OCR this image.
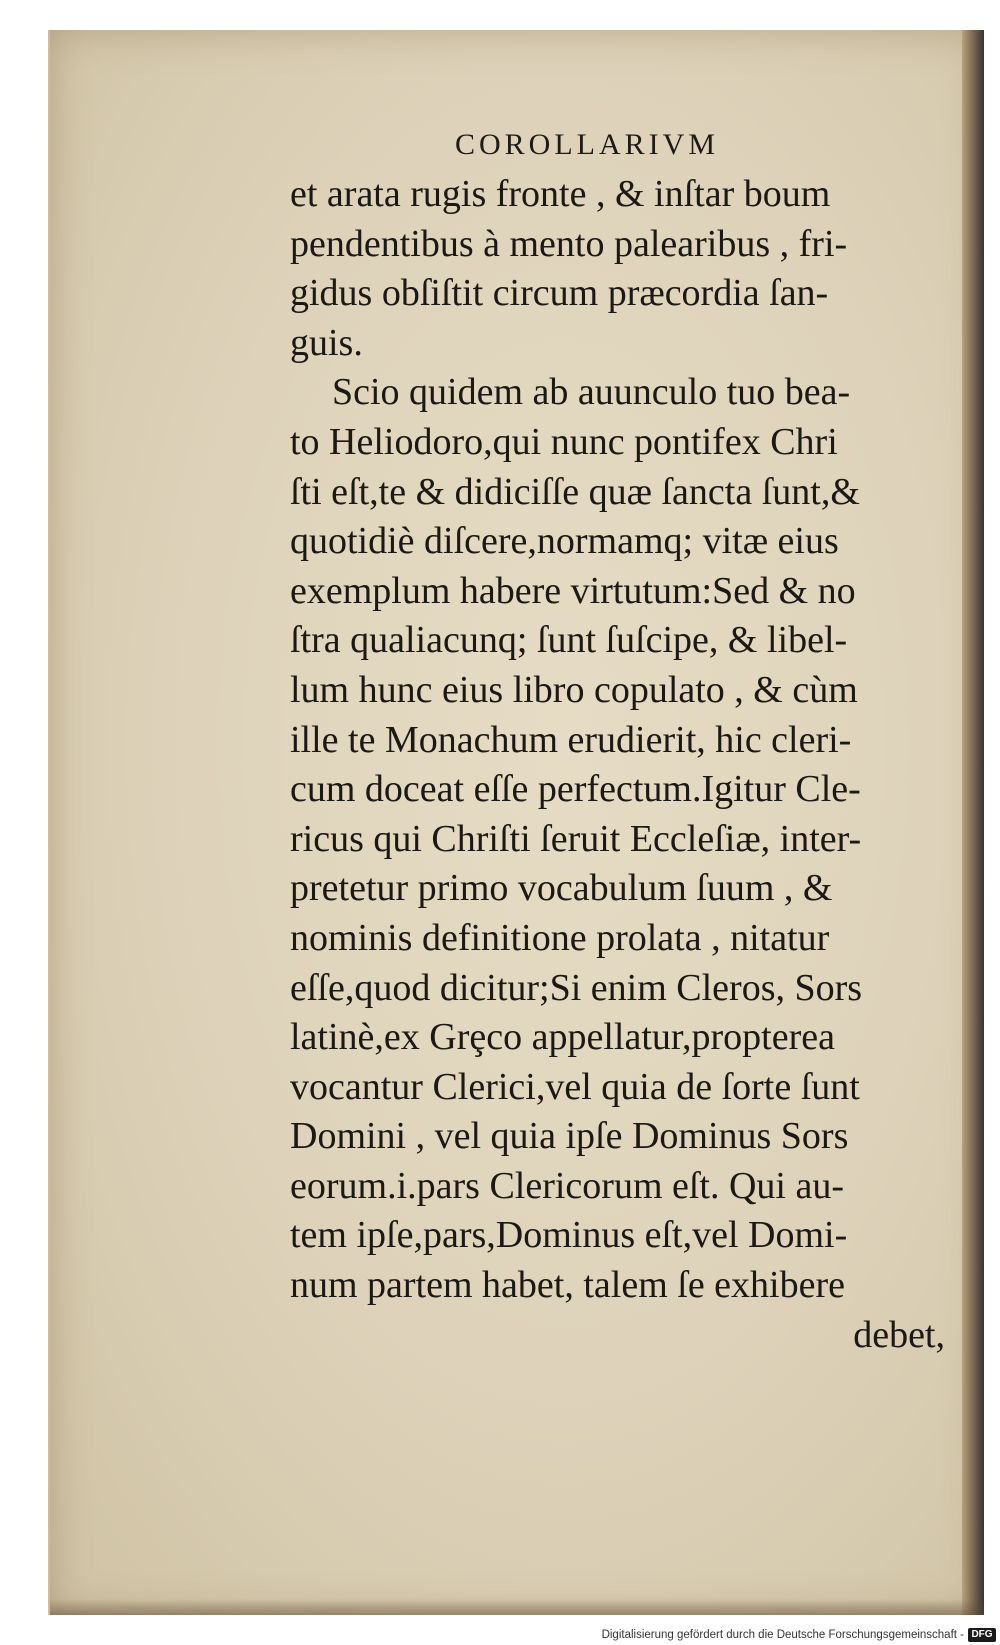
COROLLARIVM
et arata rugis fronte , & inſtar boum
pendentibus à mento palearibus , fri-
gidus obſiſtit circum præcordia ſan-
guis.
Scio quidem ab auunculo tuo bea-
to Heliodoro,qui nunc pontifex Chri
ſti eſt,te & didiciſſe quæ ſancta ſunt,&
quotidiè diſcere,normamq; vitæ eius
exemplum habere virtutum:Sed & no
ſtra qualiacunq; ſunt ſuſcipe, & libel-
lum hunc eius libro copulato , & cùm
ille te Monachum erudierit, hic cleri-
cum doceat eſſe perfectum.Igitur Cle-
ricus qui Chriſti ſeruit Eccleſiæ, inter-
pretetur primo vocabulum ſuum , &
nominis definitione prolata , nitatur
eſſe,quod dicitur;Si enim Cleros, Sors
latinè,ex Grȩco appellatur,propterea
vocantur Clerici,vel quia de ſorte ſunt
Domini , vel quia ipſe Dominus Sors
eorum.i.pars Clericorum eſt. Qui au-
tem ipſe,pars,Dominus eſt,vel Domi-
num partem habet, talem ſe exhibere
debet,
Digitalisierung gefördert durch die Deutsche Forschungsgemeinschaft - DFG
